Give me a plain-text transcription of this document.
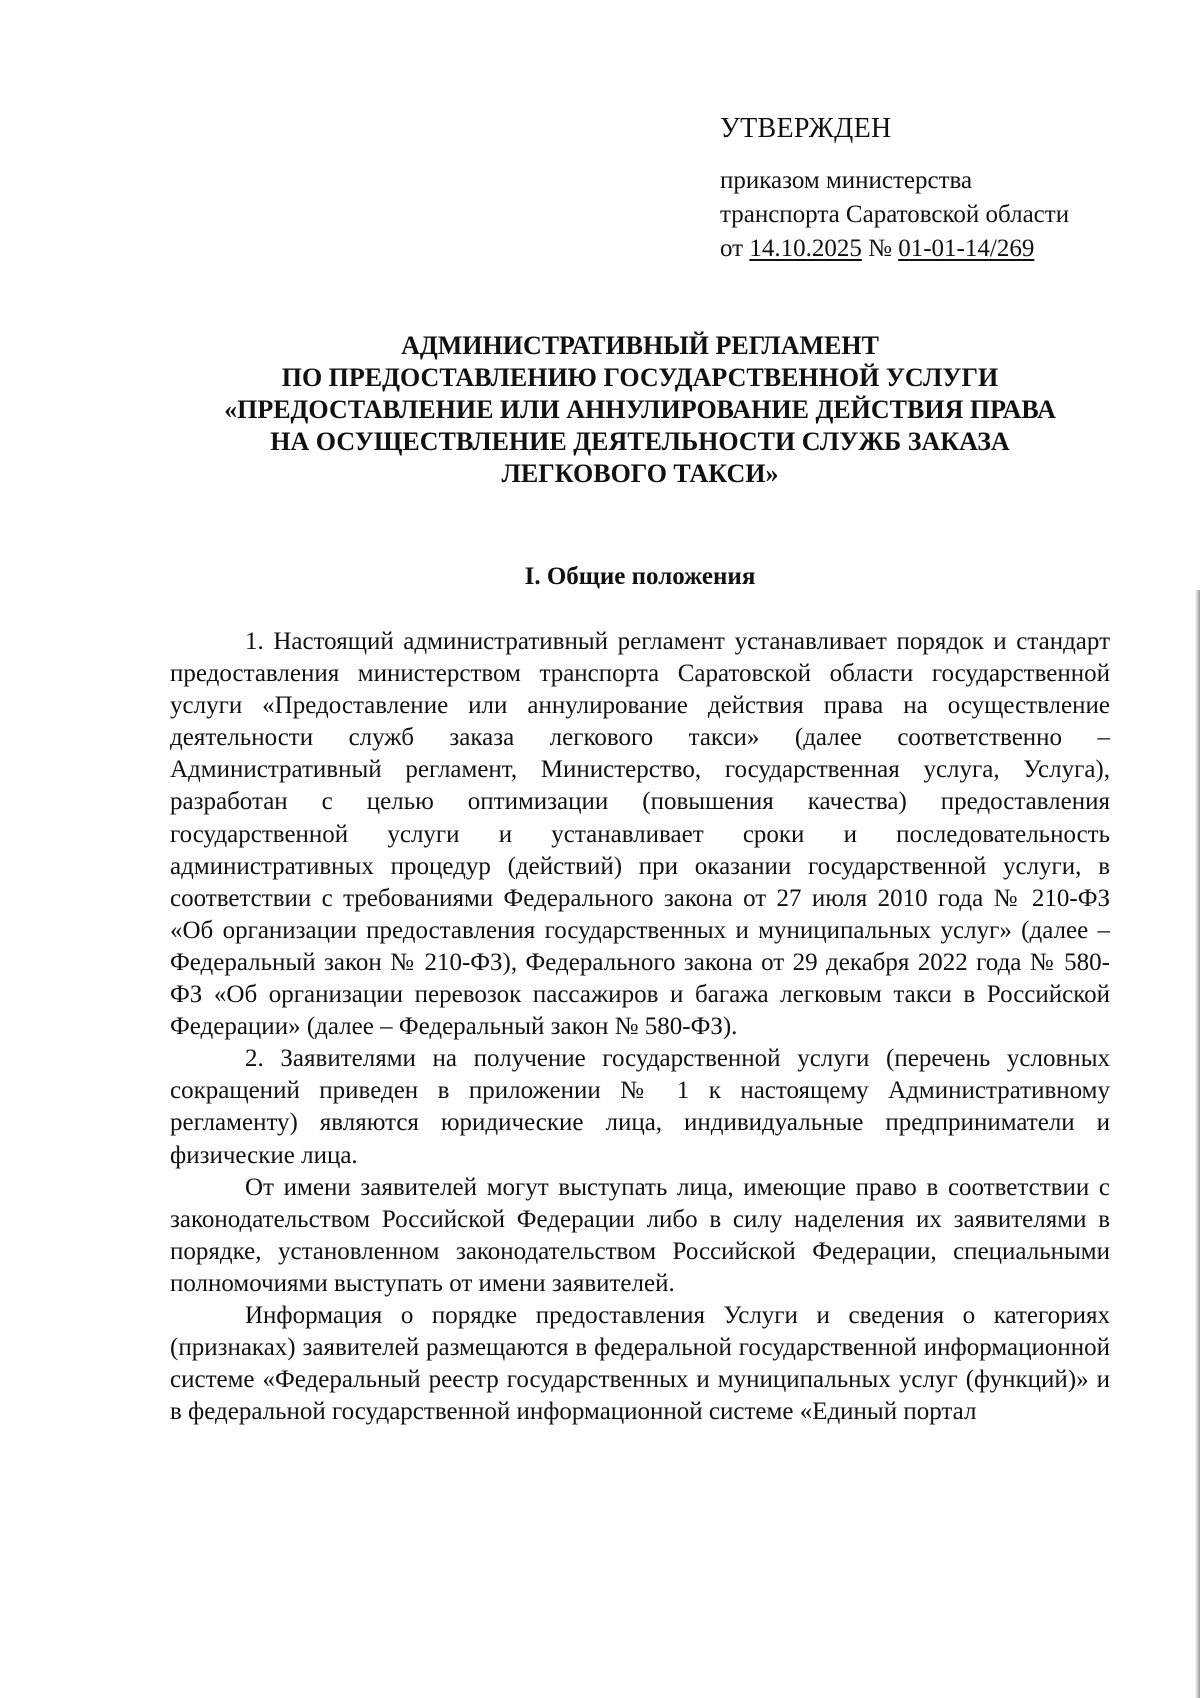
УТВЕРЖДЕН
приказом министерства
транспорта Саратовской области
от 14.10.2025 № 01-01-14/269
АДМИНИСТРАТИВНЫЙ РЕГЛАМЕНТ
ПО ПРЕДОСТАВЛЕНИЮ ГОСУДАРСТВЕННОЙ УСЛУГИ
«ПРЕДОСТАВЛЕНИЕ ИЛИ АННУЛИРОВАНИЕ ДЕЙСТВИЯ ПРАВА
НА ОСУЩЕСТВЛЕНИЕ ДЕЯТЕЛЬНОСТИ СЛУЖБ ЗАКАЗА
ЛЕГКОВОГО ТАКСИ»
I. Общие положения

1. Настоящий административный регламент устанавливает порядок и стандарт предоставления министерством транспорта Саратовской области государственной услуги «Предоставление или аннулирование действия права на осуществление деятельности служб заказа легкового такси» (далее соответственно – Административный регламент, Министерство, государственная услуга, Услуга), разработан с целью оптимизации (повышения качества) предоставления государственной услуги и устанавливает сроки и последовательность административных процедур (действий) при оказании государственной услуги, в соответствии с требованиями Федерального закона от 27 июля 2010 года № 210-ФЗ «Об организации предоставления государственных и муниципальных услуг» (далее – Федеральный закон № 210-ФЗ), Федерального закона от 29 декабря 2022 года № 580-ФЗ «Об организации перевозок пассажиров и багажа легковым такси в Российской Федерации» (далее – Федеральный закон № 580-ФЗ).

2. Заявителями на получение государственной услуги (перечень условных сокращений приведен в приложении № 1 к настоящему Административному регламенту) являются юридические лица, индивидуальные предприниматели и физические лица.

От имени заявителей могут выступать лица, имеющие право в соответствии с законодательством Российской Федерации либо в силу наделения их заявителями в порядке, установленном законодательством Российской Федерации, специальными полномочиями выступать от имени заявителей.

Информация о порядке предоставления Услуги и сведения о категориях (признаках) заявителей размещаются в федеральной государственной информационной системе «Федеральный реестр государственных и муниципальных услуг (функций)» и в федеральной государственной информационной системе «Единый портал
